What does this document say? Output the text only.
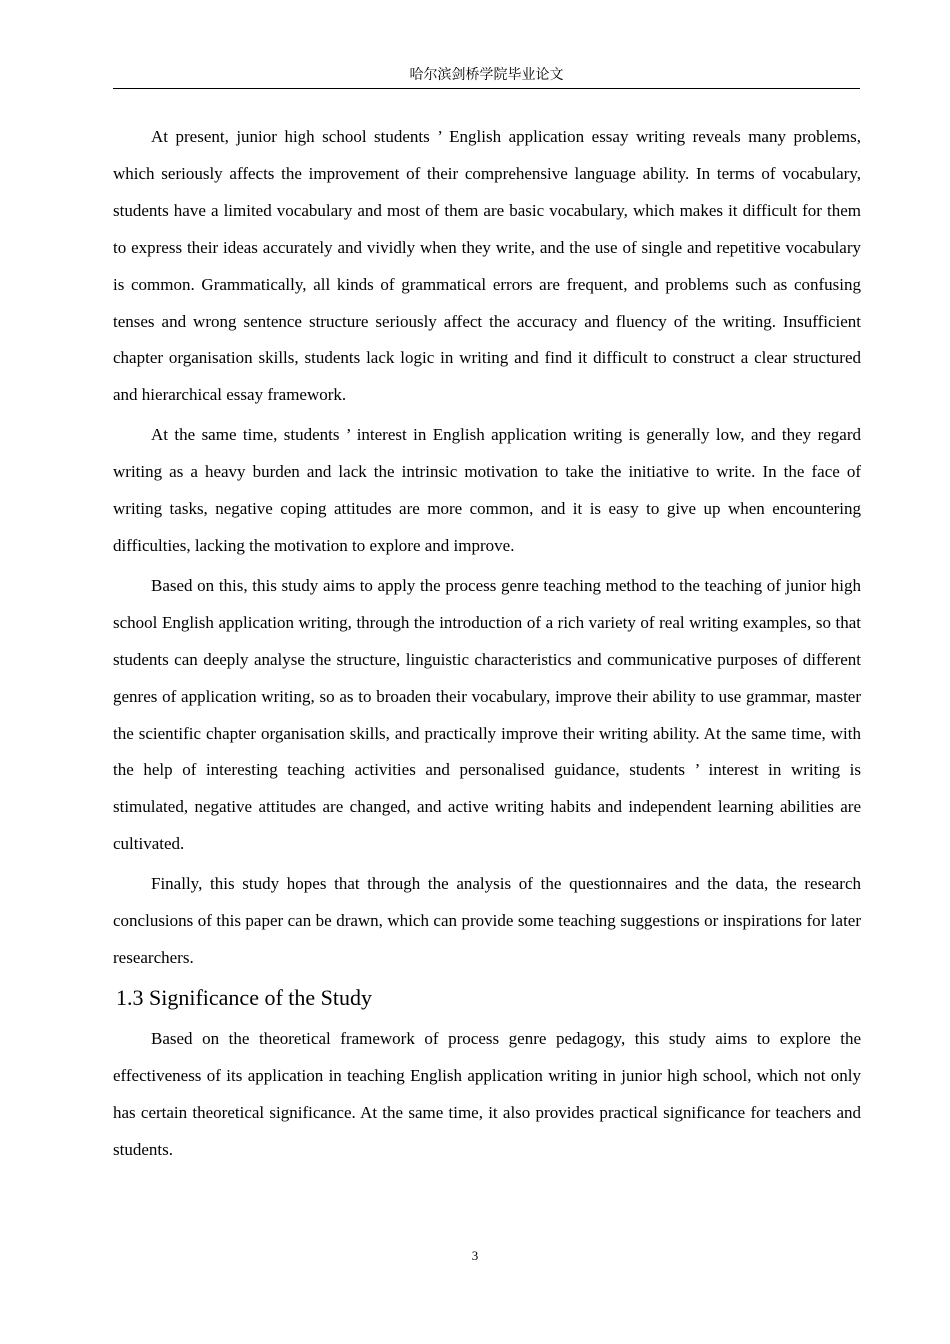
哈尔滨剑桥学院毕业论文

At present, junior high school students ’ English application essay writing reveals many problems, which seriously affects the improvement of their comprehensive language ability. In terms of vocabulary, students have a limited vocabulary and most of them are basic vocabulary, which makes it difficult for them to express their ideas accurately and vividly when they write, and the use of single and repetitive vocabulary is common. Grammatically, all kinds of grammatical errors are frequent, and problems such as confusing tenses and wrong sentence structure seriously affect the accuracy and fluency of the writing. Insufficient chapter organisation skills, students lack logic in writing and find it difficult to construct a clear structured and hierarchical essay framework.

At the same time, students ’ interest in English application writing is generally low, and they regard writing as a heavy burden and lack the intrinsic motivation to take the initiative to write. In the face of writing tasks, negative coping attitudes are more common, and it is easy to give up when encountering difficulties, lacking the motivation to explore and improve.

Based on this, this study aims to apply the process genre teaching method to the teaching of junior high school English application writing, through the introduction of a rich variety of real writing examples, so that students can deeply analyse the structure, linguistic characteristics and communicative purposes of different genres of application writing, so as to broaden their vocabulary, improve their ability to use grammar, master the scientific chapter organisation skills, and practically improve their writing ability. At the same time, with the help of interesting teaching activities and personalised guidance, students ’ interest in writing is stimulated, negative attitudes are changed, and active writing habits and independent learning abilities are cultivated.

Finally, this study hopes that through the analysis of the questionnaires and the data, the research conclusions of this paper can be drawn, which can provide some teaching suggestions or inspirations for later researchers.

1.3 Significance of the Study

Based on the theoretical framework of process genre pedagogy, this study aims to explore the effectiveness of its application in teaching English application writing in junior high school, which not only has certain theoretical significance. At the same time, it also provides practical significance for teachers and students.

3
